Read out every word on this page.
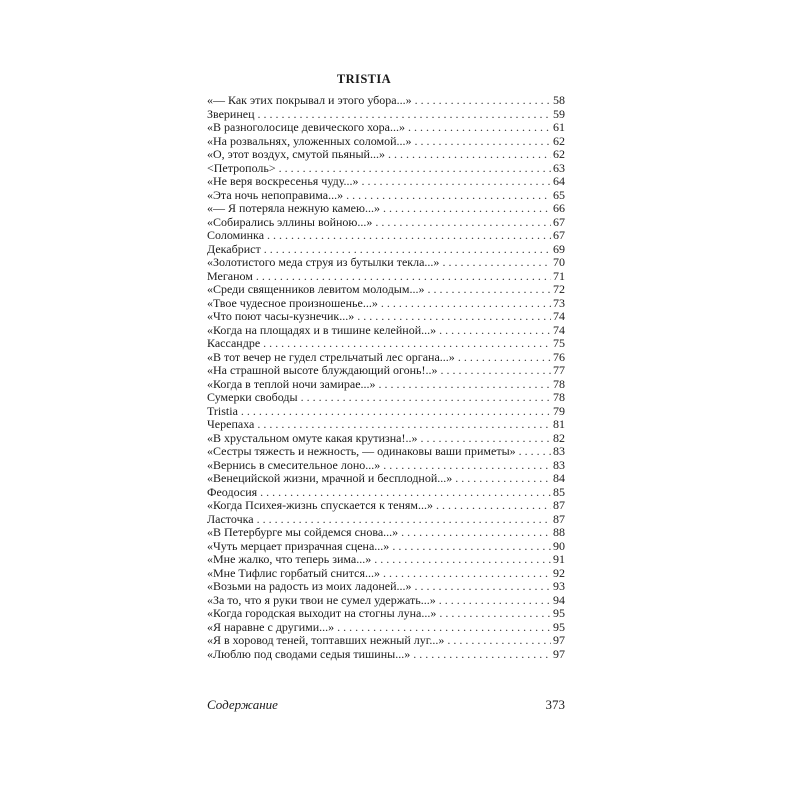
TRISTIA
«— Как этих покрывал и этого убора...» . . .	58
Зверинец . . .	59
«В разноголосице девического хора...» . . .	61
«На розвальнях, уложенных соломой...» . . .	62
«О, этот воздух, смутой пьяный...» . . .	62
<Петрополь> . . .	63
«Не веря воскресенья чуду...» . . .	64
«Эта ночь непоправима...» . . .	65
«— Я потеряла нежную камею...» . . .	66
«Собирались эллины войною...» . . .	67
Соломинка . . .	67
Декабрист . . .	69
«Золотистого меда струя из бутылки текла...» . . .	70
Меганом . . .	71
«Среди священников левитом молодым...» . . .	72
«Твое чудесное произношенье...» . . .	73
«Что поют часы-кузнечик...» . . .	74
«Когда на площадях и в тишине келейной...» . . .	74
Кассандре . . .	75
«В тот вечер не гудел стрельчатый лес органа...» . . .	76
«На страшной высоте блуждающий огонь!..» . . .	77
«Когда в теплой ночи замирае...» . . .	78
Сумерки свободы . . .	78
Tristia . . .	79
Черепаха . . .	81
«В хрустальном омуте какая крутизна!..» . . .	82
«Сестры тяжесть и нежность, — одинаковы ваши приметы» . . .	83
«Вернись в смесительное лоно...» . . .	83
«Венецийской жизни, мрачной и бесплодной...» . . .	84
Феодосия . . .	85
«Когда Психея-жизнь спускается к теням...» . . .	87
Ласточка . . .	87
«В Петербурге мы сойдемся снова...» . . .	88
«Чуть мерцает призрачная сцена...» . . .	90
«Мне жалко, что теперь зима...» . . .	91
«Мне Тифлис горбатый снится...» . . .	92
«Возьми на радость из моих ладоней...» . . .	93
«За то, что я руки твои не сумел удержать...» . . .	94
«Когда городская выходит на стогны луна...» . . .	95
«Я наравне с другими...» . . .	95
«Я в хоровод теней, топтавших нежный луг...» . . .	97
«Люблю под сводами седыя тишины...» . . .	97
Содержание	373
